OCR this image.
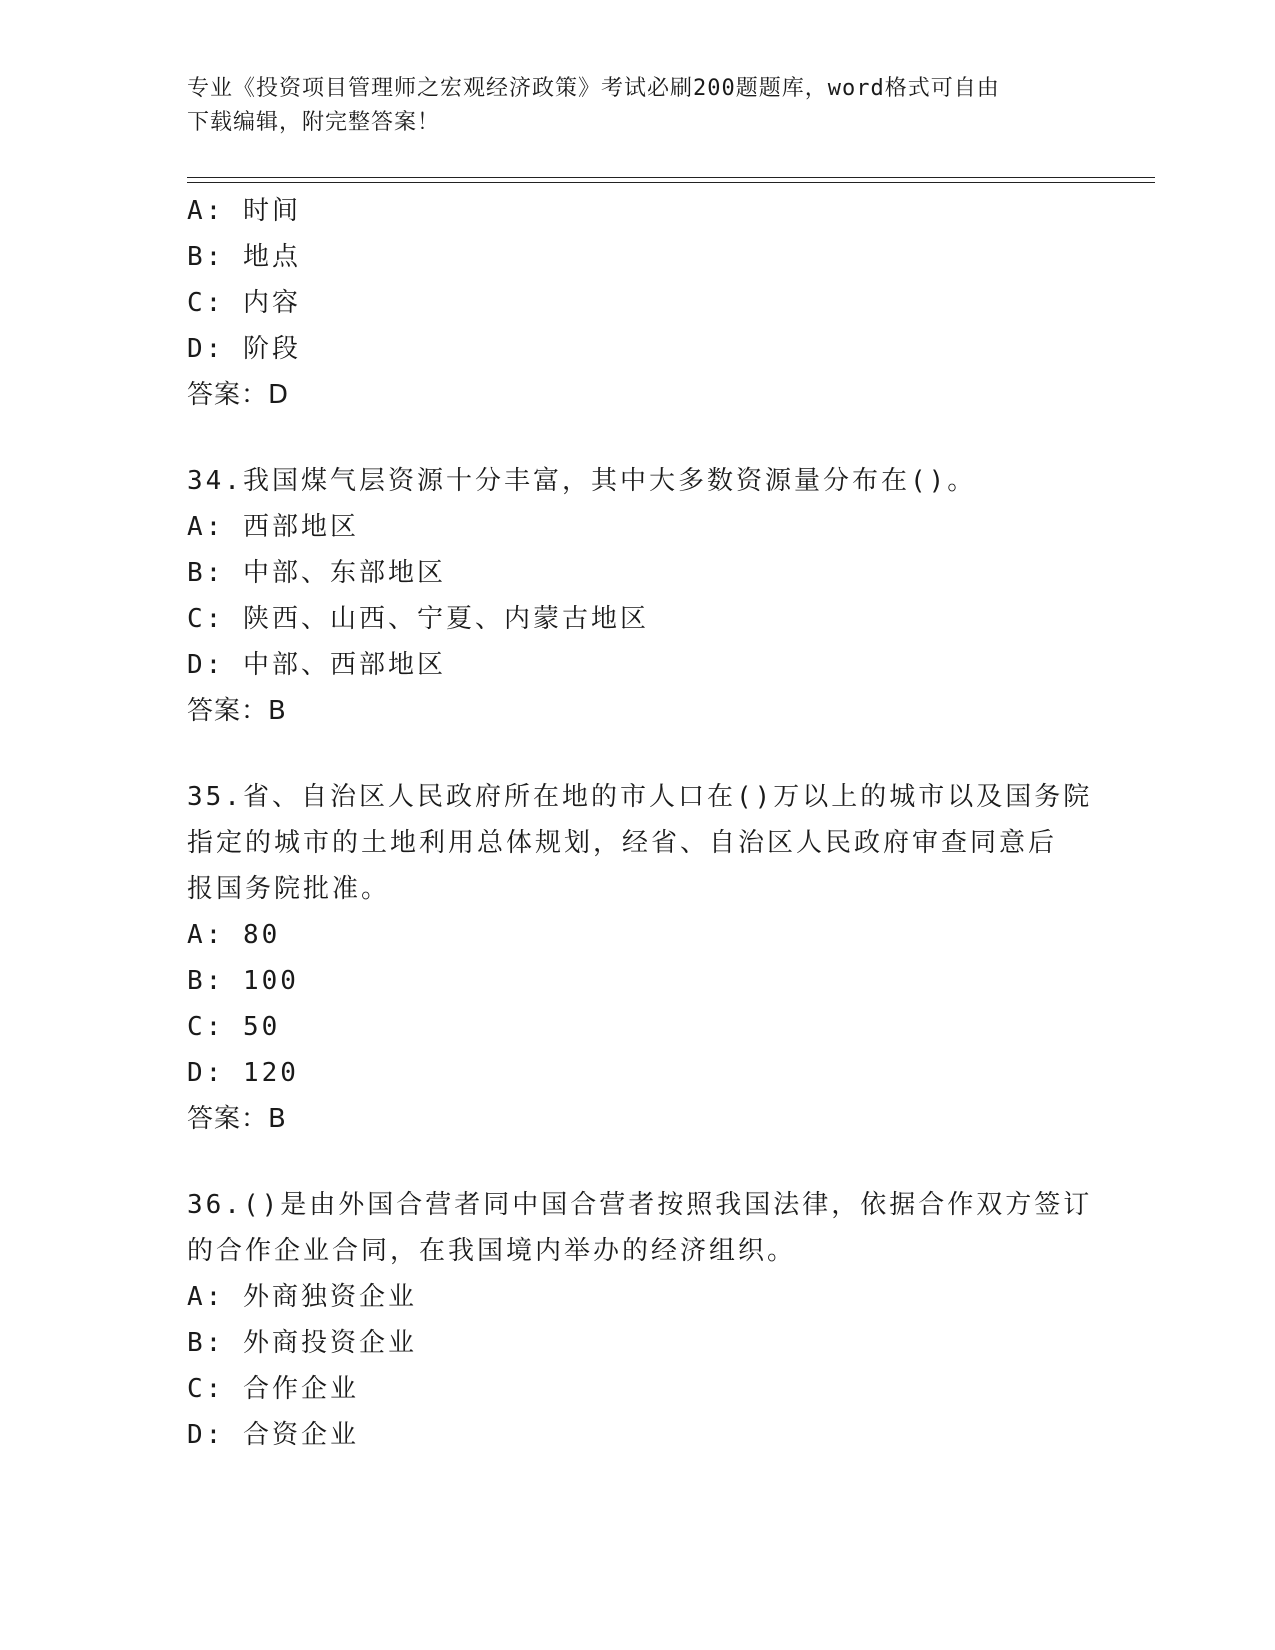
专业《投资项目管理师之宏观经济政策》考试必刷200题题库，word格式可自由
下载编辑，附完整答案！
A: 时间
B: 地点
C: 内容
D: 阶段
答案：D
34.我国煤气层资源十分丰富，其中大多数资源量分布在()。
A: 西部地区
B: 中部、东部地区
C: 陕西、山西、宁夏、内蒙古地区
D: 中部、西部地区
答案：B
35.省、自治区人民政府所在地的市人口在()万以上的城市以及国务院
指定的城市的土地利用总体规划，经省、自治区人民政府审查同意后
报国务院批准。
A: 80
B: 100
C: 50
D: 120
答案：B
36.()是由外国合营者同中国合营者按照我国法律，依据合作双方签订
的合作企业合同，在我国境内举办的经济组织。
A: 外商独资企业
B: 外商投资企业
C: 合作企业
D: 合资企业
